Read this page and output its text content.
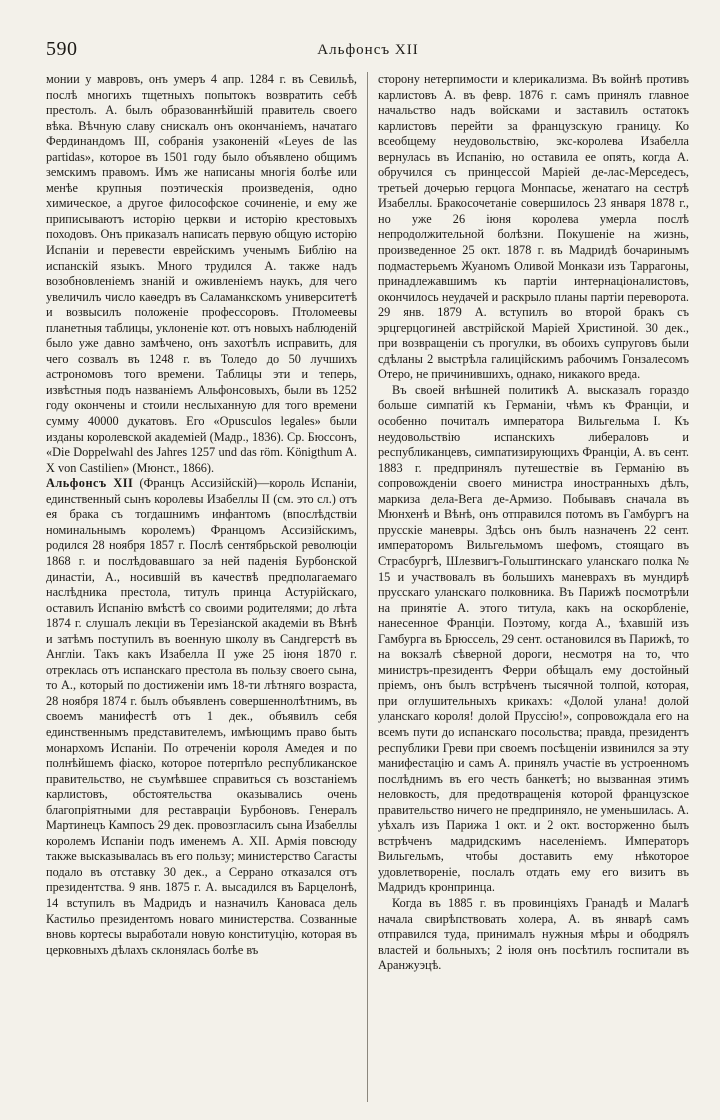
590	Альфонсъ XII

монии у мавровъ, онъ умеръ 4 апр. 1284 г. въ Севильѣ, послѣ многихъ тщетныхъ попытокъ возвратить себѣ престолъ. А. былъ образованнѣйшій правитель своего вѣка. Вѣчную славу снискалъ онъ окончаніемъ, начатаго Фердинандомъ III, собранія узаконеній «Leyes de las partidas», которое въ 1501 году было объявлено общимъ земскимъ правомъ. Имъ же написаны многія болѣе или менѣе крупныя поэтическія произведенія, одно химическое, а другое философское сочиненіе, и ему же приписываютъ исторію церкви и исторію крестовыхъ походовъ. Онъ приказалъ написать первую общую исторію Испаніи и перевести еврейскимъ ученымъ Библію на испанскій языкъ. Много трудился А. также надъ возобновленіемъ знаній и оживленіемъ наукъ, для чего увеличилъ число каѳедръ въ Саламанкскомъ университетѣ и возвысилъ положеніе профессоровъ. Птоломеевы планетныя таблицы, уклоненіе кот. отъ новыхъ наблюденій было уже давно замѣчено, онъ захотѣлъ исправить, для чего созвалъ въ 1248 г. въ Толедо до 50 лучшихъ астрономовъ того времени. Таблицы эти и теперь, извѣстныя подъ названіемъ Альфонсовыхъ, были въ 1252 году окончены и стоили неслыханную для того времени сумму 40000 дукатовъ. Его «Opusculos legales» были изданы королевской академіей (Мадр., 1836). Ср. Бюссонъ, «Die Doppelwahl des Jahres 1257 und das röm. Königthum A. X von Castilien» (Мюнст., 1866).

Альфонсъ XII (Францъ Ассизійскій)—король Испаніи, единственный сынъ королевы Изабеллы II (см. это сл.) отъ ея брака съ тогдашнимъ инфантомъ (впослѣдствіи номинальнымъ королемъ) Францомъ Ассизійскимъ, родился 28 ноября 1857 г. Послѣ сентябрьской революціи 1868 г. и послѣдовавшаго за ней паденія Бурбонской династіи, А., носившій въ качествѣ предполагаемаго наслѣдника престола, титулъ принца Астурійскаго, оставилъ Испанію вмѣстѣ со своими родителями; до лѣта 1874 г. слушалъ лекціи въ Терезіанской академіи въ Вѣнѣ и затѣмъ поступилъ въ военную школу въ Сандгерстѣ въ Англіи. Такъ какъ Изабелла II уже 25 іюня 1870 г. отреклась отъ испанскаго престола въ пользу своего сына, то А., который по достиженіи имъ 18-ти лѣтняго возраста, 28 ноября 1874 г. былъ объявленъ совершеннолѣтнимъ, въ своемъ манифестѣ отъ 1 дек., объявилъ себя единственнымъ представителемъ, имѣющимъ право быть монархомъ Испаніи. По отреченіи короля Амедея и по полнѣйшемъ фіаско, которое потерпѣло республиканское правительство, не съумѣвшее справиться съ возстаніемъ карлистовъ, обстоятельства оказывались очень благопріятными для реставраціи Бурбоновъ. Генералъ Мартинецъ Кампосъ 29 дек. провозгласилъ сына Изабеллы королемъ Испаніи подъ именемъ А. XII. Армія повсюду также высказывалась въ его пользу; министерство Сагасты подало въ отставку 30 дек., а Серрано отказался отъ президентства. 9 янв. 1875 г. А. высадился въ Барцелонѣ, 14 вступилъ въ Мадридъ и назначилъ Кановаса дель Кастильо президентомъ новаго министерства. Созванные вновь кортесы выработали новую конституцію, которая въ церковныхъ дѣлахъ склонялась болѣе въ

сторону нетерпимости и клерикализма. Въ войнѣ противъ карлистовъ А. въ февр. 1876 г. самъ принялъ главное начальство надъ войсками и заставилъ остатокъ карлистовъ перейти за французскую границу. Ко всеобщему неудовольствію, экс-королева Изабелла вернулась въ Испанію, но оставила ее опять, когда А. обручился съ принцессой Маріей де-лас-Мерседесъ, третьей дочерью герцога Монпасье, женатаго на сестрѣ Изабеллы. Бракосочетаніе совершилось 23 января 1878 г., но уже 26 іюня королева умерла послѣ непродолжительной болѣзни. Покушеніе на жизнь, произведенное 25 окт. 1878 г. въ Мадридѣ бочаринымъ подмастерьемъ Жуаномъ Оливой Монкази изъ Таррагоны, принадлежавшимъ къ партіи интернаціоналистовъ, окончилось неудачей и раскрыло планы партіи переворота. 29 янв. 1879 А. вступилъ во второй бракъ съ эрцгерцогиней австрійской Маріей Христиной. 30 дек., при возвращеніи съ прогулки, въ обоихъ супруговъ были сдѣланы 2 выстрѣла галиційскимъ рабочимъ Гонзалесомъ Отеро, не причинившихъ, однако, никакого вреда.

Въ своей внѣшней политикѣ А. высказалъ гораздо больше симпатій къ Германіи, чѣмъ къ Франціи, и особенно почиталъ императора Вильгельма I. Къ неудовольствію испанскихъ либераловъ и республиканцевъ, симпатизирующихъ Франціи, А. въ сент. 1883 г. предпринялъ путешествіе въ Германію въ сопровожденіи своего министра иностранныхъ дѣлъ, маркиза дела-Вега де-Армизо. Побывавъ сначала въ Мюнхенѣ и Вѣнѣ, онъ отправился потомъ въ Гамбургъ на прусскіе маневры. Здѣсь онъ былъ назначенъ 22 сент. императоромъ Вильгельмомъ шефомъ, стоящаго въ Страсбургѣ, Шлезвигъ-Гольштинскаго уланскаго полка № 15 и участвовалъ въ большихъ маневрахъ въ мундирѣ прусскаго уланскаго полковника. Въ Парижѣ посмотрѣли на принятіе А. этого титула, какъ на оскорбленіе, нанесенное Франціи. Поэтому, когда А., ѣхавшій изъ Гамбурга въ Брюссель, 29 сент. остановился въ Парижѣ, то на вокзалѣ сѣверной дороги, несмотря на то, что министръ-президентъ Ферри обѣщалъ ему достойный пріемъ, онъ былъ встрѣченъ тысячной толпой, которая, при оглушительныхъ крикахъ: «Долой улана! долой уланскаго короля! долой Пруссію!», сопровождала его на всемъ пути до испанскаго посольства; правда, президентъ республики Греви при своемъ посѣщеніи извинился за эту манифестацію и самъ А. принялъ участіе въ устроенномъ послѣднимъ въ его честь банкетѣ; но вызванная этимъ неловкость, для предотвращенія которой французское правительство ничего не предприняло, не уменьшилась. А. уѣхалъ изъ Парижа 1 окт. и 2 окт. восторженно былъ встрѣченъ мадридскимъ населеніемъ. Императоръ Вильгельмъ, чтобы доставить ему нѣкоторое удовлетвореніе, послалъ отдать ему его визитъ въ Мадридъ кронпринца.

Когда въ 1885 г. въ провинціяхъ Гранадѣ и Малагѣ начала свирѣпствовать холера, А. въ январѣ самъ отправился туда, принималъ нужныя мѣры и ободрялъ властей и больныхъ; 2 іюля онъ посѣтилъ госпитали въ Аранжуэцѣ.
